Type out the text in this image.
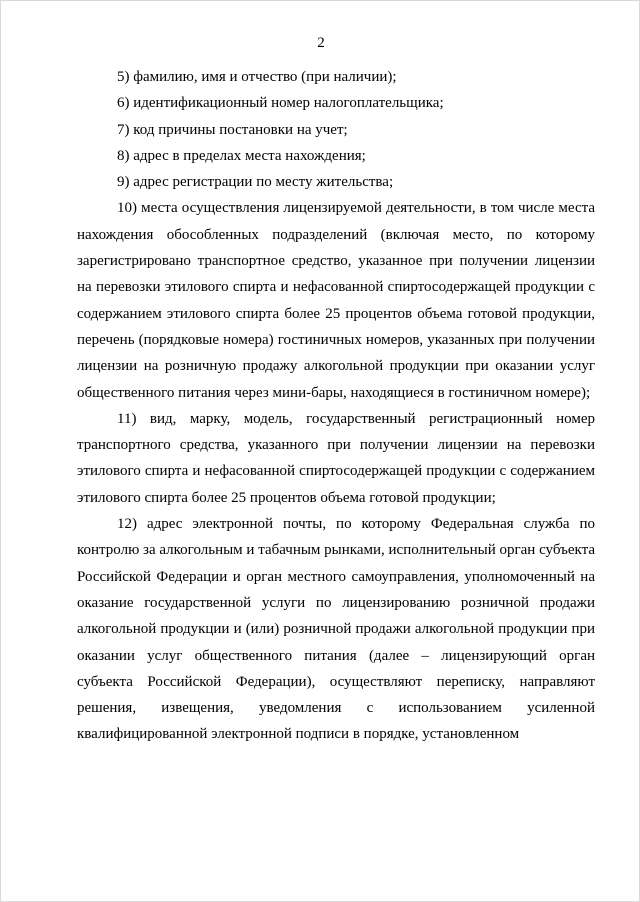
2

5) фамилию, имя и отчество (при наличии);

6) идентификационный номер налогоплательщика;

7) код причины постановки на учет;

8) адрес в пределах места нахождения;

9) адрес регистрации по месту жительства;

10) места осуществления лицензируемой деятельности, в том числе места нахождения обособленных подразделений (включая место, по которому зарегистрировано транспортное средство, указанное при получении лицензии на перевозки этилового спирта и нефасованной спиртосодержащей продукции с содержанием этилового спирта более 25 процентов объема готовой продукции, перечень (порядковые номера) гостиничных номеров, указанных при получении лицензии на розничную продажу алкогольной продукции при оказании услуг общественного питания через мини-бары, находящиеся в гостиничном номере);

11) вид, марку, модель, государственный регистрационный номер транспортного средства, указанного при получении лицензии на перевозки этилового спирта и нефасованной спиртосодержащей продукции с содержанием этилового спирта более 25 процентов объема готовой продукции;

12) адрес электронной почты, по которому Федеральная служба по контролю за алкогольным и табачным рынками, исполнительный орган субъекта Российской Федерации и орган местного самоуправления, уполномоченный на оказание государственной услуги по лицензированию розничной продажи алкогольной продукции и (или) розничной продажи алкогольной продукции при оказании услуг общественного питания (далее – лицензирующий орган субъекта Российской Федерации), осуществляют переписку, направляют решения, извещения, уведомления с использованием усиленной квалифицированной электронной подписи в порядке, установленном
